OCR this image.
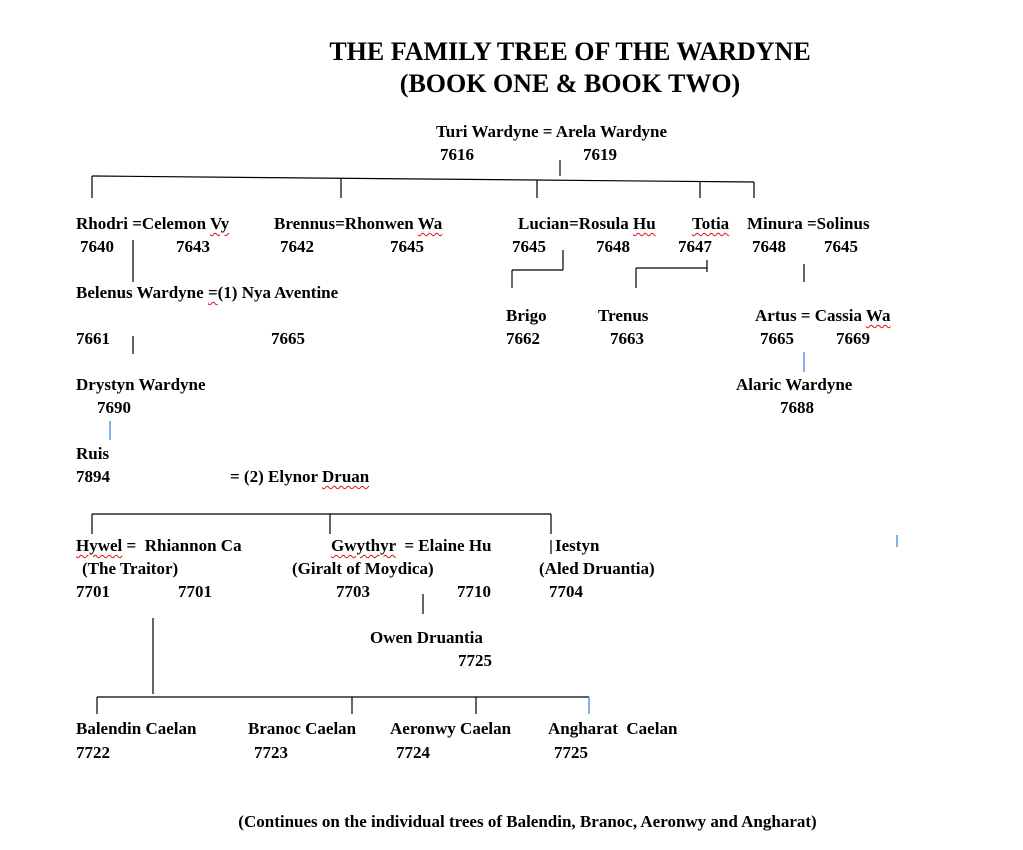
THE FAMILY TREE OF THE WARDYNE
(BOOK ONE & BOOK TWO)
Turi Wardyne = Arela Wardyne
7616	7619
Rhodri =Celemon Vy
7640	7643
Brennus=Rhonwen Wa
7642	7645
Lucian=Rosula Hu
7645	7648
Totia
7647
Minura =Solinus
7648 7645
Belenus Wardyne =(1) Nya Aventine
7661	7665
Brigo
7662
Trenus
7663
Artus = Cassia Wa
7665 7669
Drystyn Wardyne
7690
Alaric Wardyne
7688
Ruis
7894	= (2) Elynor Druan
Hywel =  Rhiannon Ca
(The Traitor)
7701	7701
Gwythyr  = Elaine Hu
(Giralt of Moydica)
7703	7710
Iestyn
(Aled Druantia)
7704
Owen Druantia
7725
Balendin Caelan
7722
Branoc Caelan
7723
Aeronwy Caelan
7724
Angharat  Caelan
7725
(Continues on the individual trees of Balendin, Branoc, Aeronwy and Angharat)
